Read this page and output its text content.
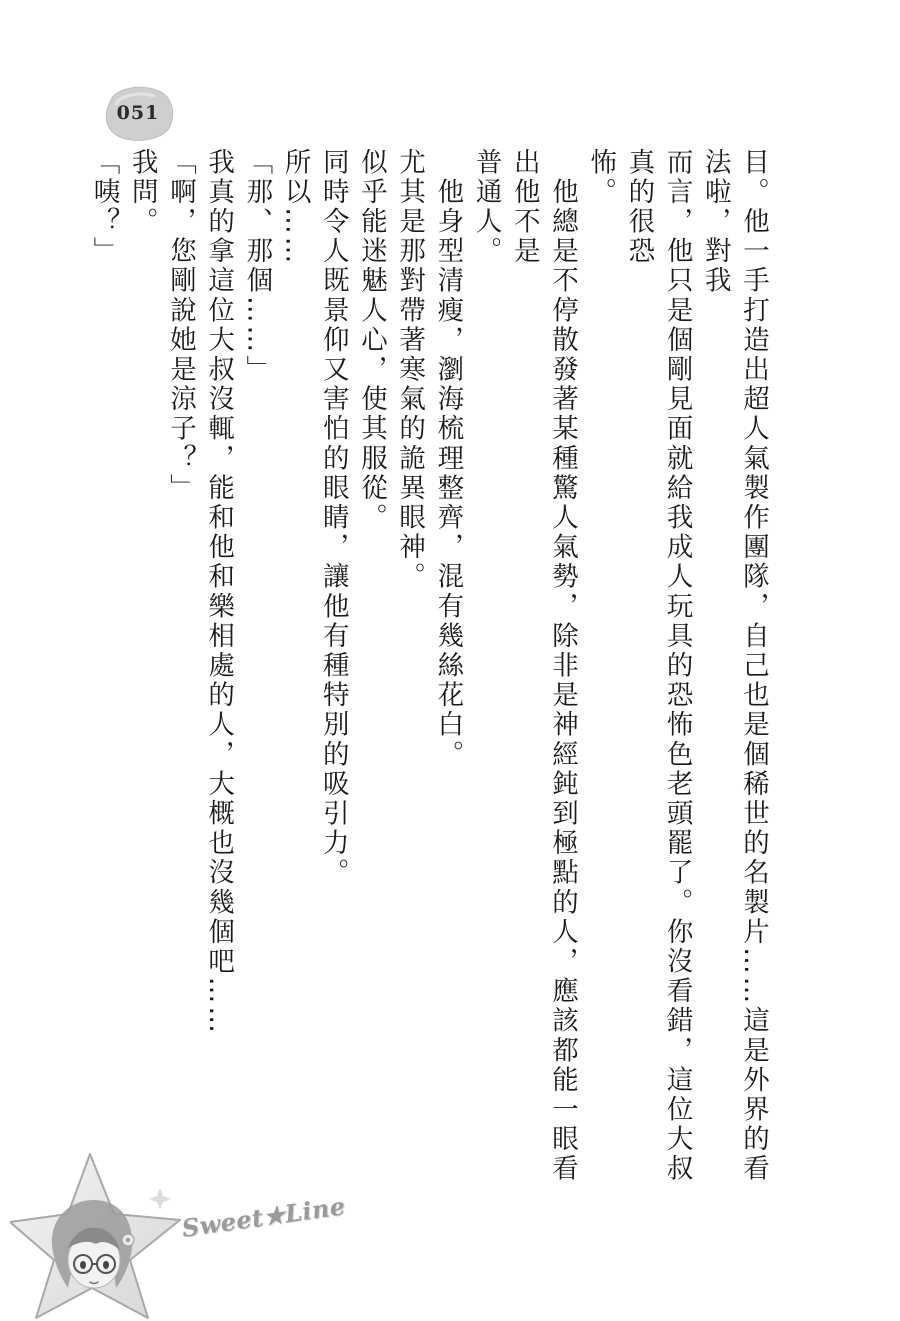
051

目。他一手打造出超人氣製作團隊，自己也是個稀世的名製片……這是外界的看法啦，對我

而言，他只是個剛見面就給我成人玩具的恐怖色老頭罷了。你沒看錯，這位大叔真的很恐

怖。

　他總是不停散發著某種驚人氣勢，除非是神經鈍到極點的人，應該都能一眼看出他不是

普通人。

　他身型清瘦，瀏海梳理整齊，混有幾絲花白。

尤其是那對帶著寒氣的詭異眼神。

似乎能迷魅人心，使其服從。

同時令人既景仰又害怕的眼睛，讓他有種特別的吸引力。

所以……

「那、那個……」

我真的拿這位大叔沒輒，能和他和樂相處的人，大概也沒幾個吧……

「啊，您剛說她是涼子？」

我問。

「咦？」

Sweet★Line
